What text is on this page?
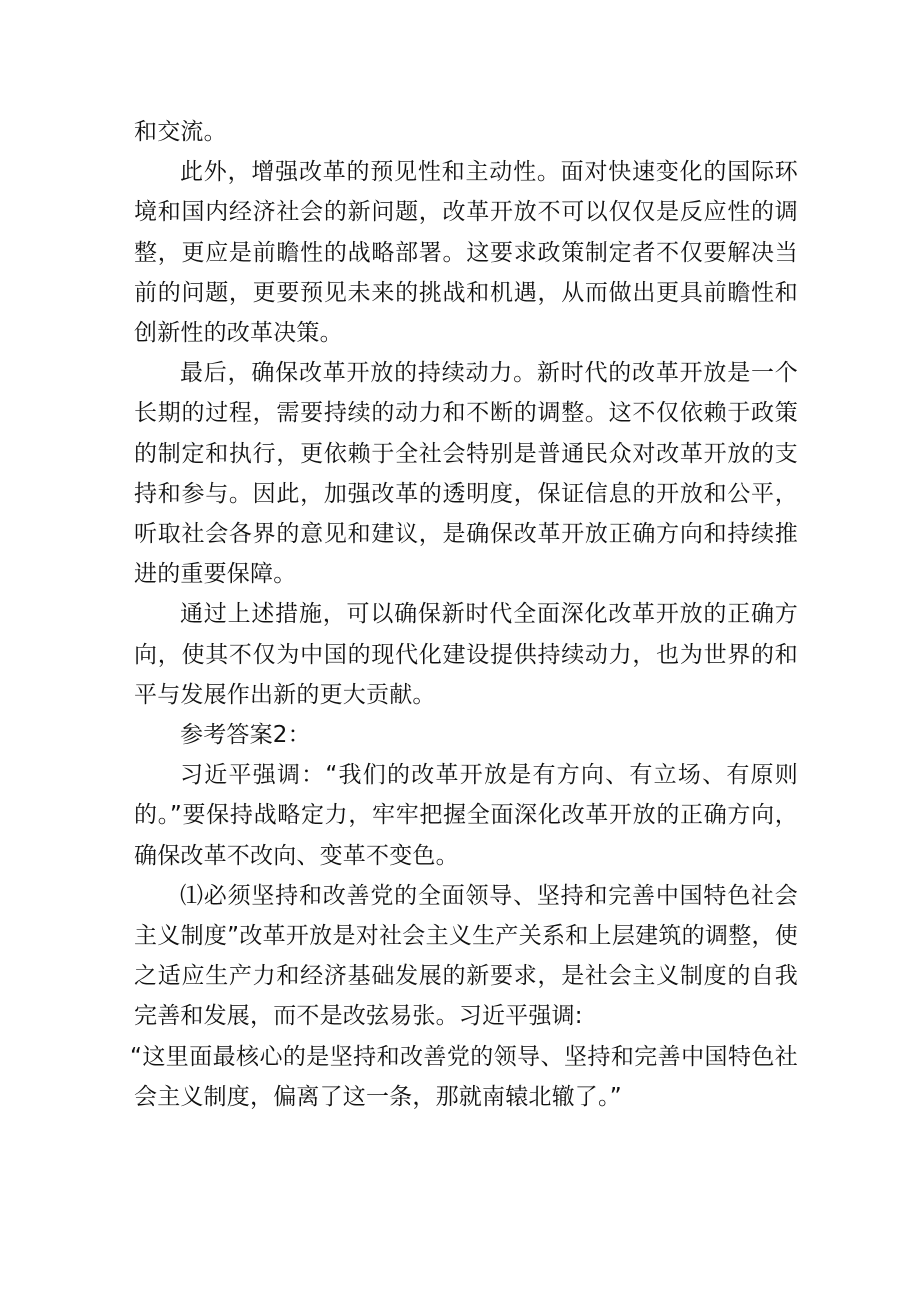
和交流。

此外，增强改革的预见性和主动性。面对快速变化的国际环境和国内经济社会的新问题，改革开放不可以仅仅是反应性的调整，更应是前瞻性的战略部署。这要求政策制定者不仅要解决当前的问题，更要预见未来的挑战和机遇，从而做出更具前瞻性和创新性的改革决策。

最后，确保改革开放的持续动力。新时代的改革开放是一个长期的过程，需要持续的动力和不断的调整。这不仅依赖于政策的制定和执行，更依赖于全社会特别是普通民众对改革开放的支持和参与。因此，加强改革的透明度，保证信息的开放和公平，听取社会各界的意见和建议，是确保改革开放正确方向和持续推进的重要保障。

通过上述措施，可以确保新时代全面深化改革开放的正确方向，使其不仅为中国的现代化建设提供持续动力，也为世界的和平与发展作出新的更大贡献。

参考答案2：

习近平强调：“我们的改革开放是有方向、有立场、有原则的。”要保持战略定力，牢牢把握全面深化改革开放的正确方向，确保改革不改向、变革不变色。

⑴必须坚持和改善党的全面领导、坚持和完善中国特色社会主义制度”改革开放是对社会主义生产关系和上层建筑的调整，使之适应生产力和经济基础发展的新要求，是社会主义制度的自我完善和发展，而不是改弦易张。习近平强调:

“这里面最核心的是坚持和改善党的领导、坚持和完善中国特色社会主义制度，偏离了这一条，那就南辕北辙了。”
